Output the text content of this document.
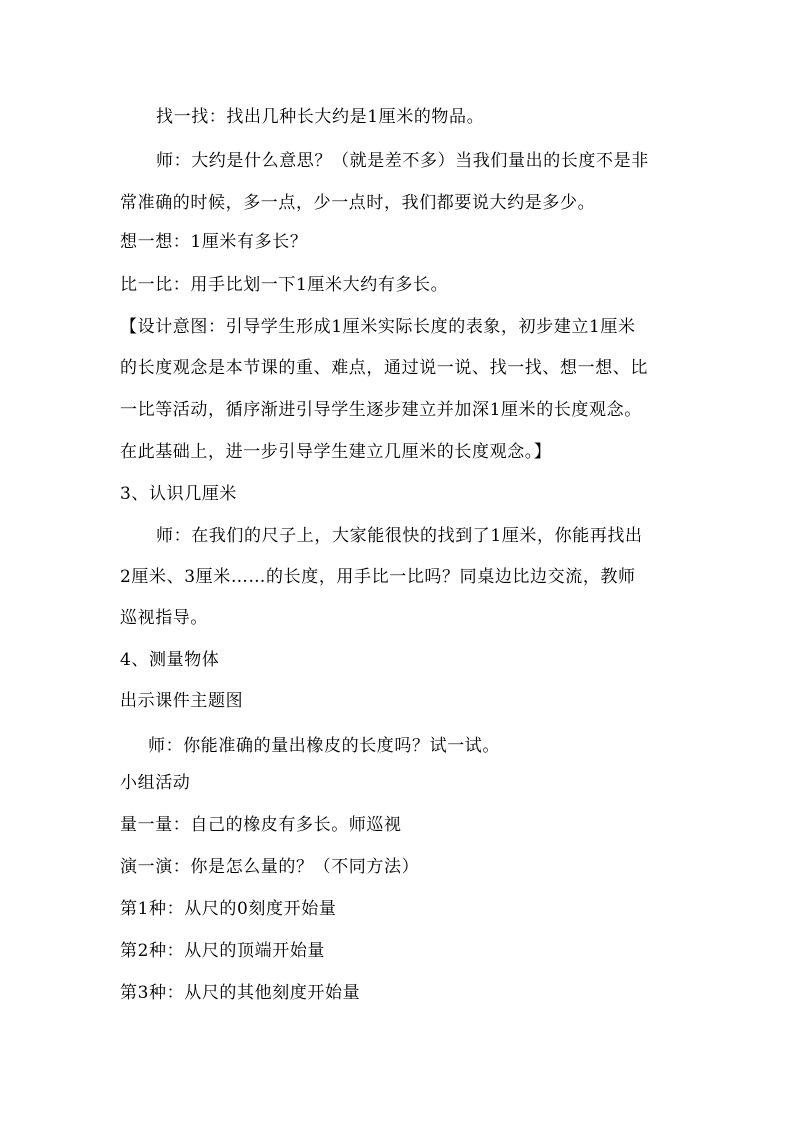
找一找：找出几种长大约是1厘米的物品。
师：大约是什么意思？（就是差不多）当我们量出的长度不是非
常准确的时候，多一点，少一点时，我们都要说大约是多少。
想一想：1厘米有多长？
比一比：用手比划一下1厘米大约有多长。
【设计意图：引导学生形成1厘米实际长度的表象，初步建立1厘米
的长度观念是本节课的重、难点，通过说一说、找一找、想一想、比
一比等活动，循序渐进引导学生逐步建立并加深1厘米的长度观念。
在此基础上，进一步引导学生建立几厘米的长度观念。】
3、认识几厘米
师：在我们的尺子上，大家能很快的找到了1厘米，你能再找出
2厘米、3厘米……的长度，用手比一比吗？同桌边比边交流，教师
巡视指导。
4、测量物体
出示课件主题图
师：你能准确的量出橡皮的长度吗？试一试。
小组活动
量一量：自己的橡皮有多长。师巡视
演一演：你是怎么量的？（不同方法）
第1种：从尺的0刻度开始量
第2种：从尺的顶端开始量
第3种：从尺的其他刻度开始量
